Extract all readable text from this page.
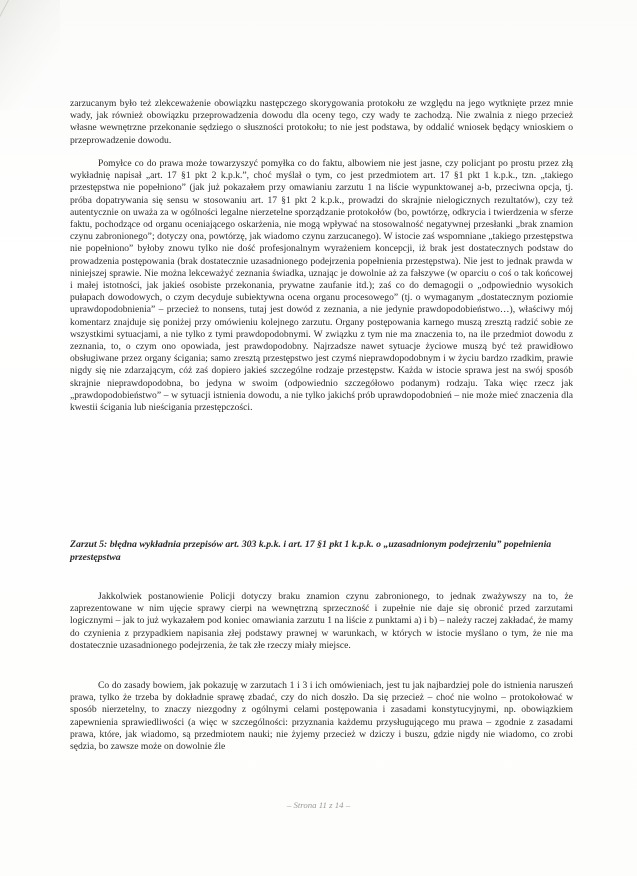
zarzucanym było też zlekceważenie obowiązku następczego skorygowania protokołu ze względu na jego wytknięte przez mnie wady, jak również obowiązku przeprowadzenia dowodu dla oceny tego, czy wady te zachodzą. Nie zwalnia z niego przecież własne wewnętrzne przekonanie sędziego o słuszności protokołu; to nie jest podstawa, by oddalić wniosek będący wnioskiem o przeprowadzenie dowodu.

Pomyłce co do prawa może towarzyszyć pomyłka co do faktu, albowiem nie jest jasne, czy policjant po prostu przez złą wykładnię napisał „art. 17 §1 pkt 2 k.p.k.”, choć myślał o tym, co jest przedmiotem art. 17 §1 pkt 1 k.p.k., tzn. „takiego przestępstwa nie popełniono” (jak już pokazałem przy omawianiu zarzutu 1 na liście wypunktowanej a-b, przeciwna opcja, tj. próba dopatrywania się sensu w stosowaniu art. 17 §1 pkt 2 k.p.k., prowadzi do skrajnie nielogicznych rezultatów), czy też autentycznie on uważa za w ogólności legalne nierzetelne sporządzanie protokołów (bo, powtórzę, odkrycia i twierdzenia w sferze faktu, pochodzące od organu oceniającego oskarżenia, nie mogą wpływać na stosowalność negatywnej przesłanki „brak znamion czynu zabronionego”; dotyczy ona, powtórzę, jak wiadomo czynu zarzucanego). W istocie zaś wspomniane „takiego przestępstwa nie popełniono” byłoby znowu tylko nie dość profesjonalnym wyrażeniem koncepcji, iż brak jest dostatecznych podstaw do prowadzenia postępowania (brak dostatecznie uzasadnionego podejrzenia popełnienia przestępstwa). Nie jest to jednak prawda w niniejszej sprawie. Nie można lekceważyć zeznania świadka, uznając je dowolnie aż za fałszywe (w oparciu o coś o tak końcowej i małej istotności, jak jakieś osobiste przekonania, prywatne zaufanie itd.); zaś co do demagogii o „odpowiednio wysokich pułapach dowodowych, o czym decyduje subiektywna ocena organu procesowego” (tj. o wymaganym „dostatecznym poziomie uprawdopodobnienia” – przecież to nonsens, tutaj jest dowód z zeznania, a nie jedynie prawdopodobieństwo…), właściwy mój komentarz znajduje się poniżej przy omówieniu kolejnego zarzutu. Organy postępowania karnego muszą zresztą radzić sobie ze wszystkimi sytuacjami, a nie tylko z tymi prawdopodobnymi. W związku z tym nie ma znaczenia to, na ile przedmiot dowodu z zeznania, to, o czym ono opowiada, jest prawdopodobny. Najrzadsze nawet sytuacje życiowe muszą być też prawidłowo obsługiwane przez organy ścigania; samo zresztą przestępstwo jest czymś nieprawdopodobnym i w życiu bardzo rzadkim, prawie nigdy się nie zdarzającym, cóż zaś dopiero jakieś szczególne rodzaje przestępstw. Każda w istocie sprawa jest na swój sposób skrajnie nieprawdopodobna, bo jedyna w swoim (odpowiednio szczegółowo podanym) rodzaju. Taka więc rzecz jak „prawdopodobieństwo” – w sytuacji istnienia dowodu, a nie tylko jakichś prób uprawdopodobnień – nie może mieć znaczenia dla kwestii ścigania lub nieścigania przestępczości.

Zarzut 5: błędna wykładnia przepisów art. 303 k.p.k. i art. 17 §1 pkt 1 k.p.k. o „uzasadnionym podejrzeniu” popełnienia przestępstwa

Jakkolwiek postanowienie Policji dotyczy braku znamion czynu zabronionego, to jednak zważywszy na to, że zaprezentowane w nim ujęcie sprawy cierpi na wewnętrzną sprzeczność i zupełnie nie daje się obronić przed zarzutami logicznymi – jak to już wykazałem pod koniec omawiania zarzutu 1 na liście z punktami a) i b) – należy raczej zakładać, że mamy do czynienia z przypadkiem napisania złej podstawy prawnej w warunkach, w których w istocie myślano o tym, że nie ma dostatecznie uzasadnionego podejrzenia, że tak złe rzeczy miały miejsce.

Co do zasady bowiem, jak pokazuję w zarzutach 1 i 3 i ich omówieniach, jest tu jak najbardziej pole do istnienia naruszeń prawa, tylko że trzeba by dokładnie sprawę zbadać, czy do nich doszło. Da się przecież – choć nie wolno – protokołować w sposób nierzetelny, to znaczy niezgodny z ogólnymi celami postępowania i zasadami konstytucyjnymi, np. obowiązkiem zapewnienia sprawiedliwości (a więc w szczególności: przyznania każdemu przysługującego mu prawa – zgodnie z zasadami prawa, które, jak wiadomo, są przedmiotem nauki; nie żyjemy przecież w dziczy i buszu, gdzie nigdy nie wiadomo, co zrobi sędzia, bo zawsze może on dowolnie źle

– Strona 11 z 14 –
